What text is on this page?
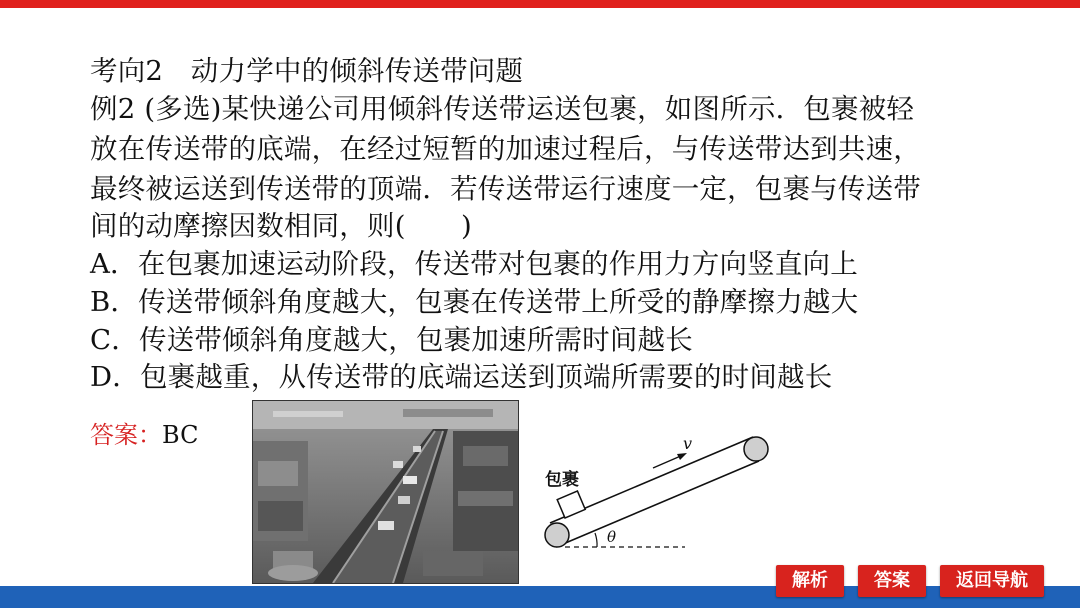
考向2　动力学中的倾斜传送带问题
例2 (多选)某快递公司用倾斜传送带运送包裹，如图所示．包裹被轻
放在传送带的底端，在经过短暂的加速过程后，与传送带达到共速，
最终被运送到传送带的顶端．若传送带运行速度一定，包裹与传送带
间的动摩擦因数相同，则(　　)
A．在包裹加速运动阶段，传送带对包裹的作用力方向竖直向上
B．传送带倾斜角度越大，包裹在传送带上所受的静摩擦力越大
C．传送带倾斜角度越大，包裹加速所需时间越长
D．包裹越重，从传送带的底端运送到顶端所需要的时间越长
答案：BC
包裹
v
θ
解析	答案	返回导航
